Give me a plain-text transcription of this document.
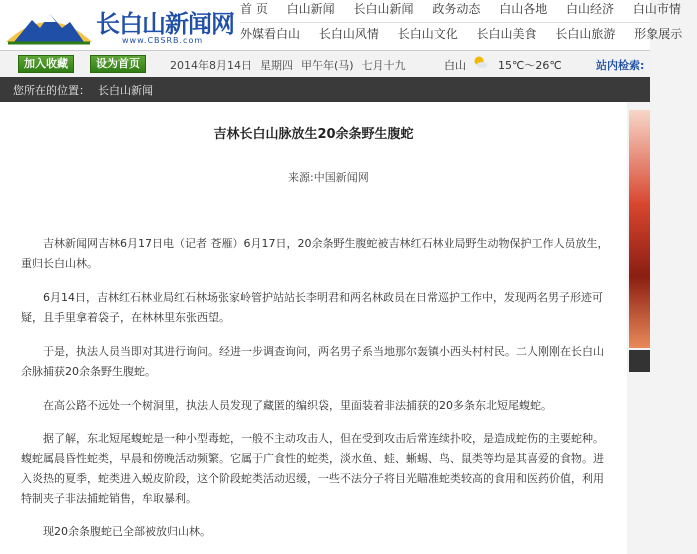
长白山新闻网
www.CBSRB.com
首 页 白山新闻 长白山新闻 政务动态 白山各地 白山经济 白山市情
外媒看白山 长白山风情 长白山文化 长白山美食 长白山旅游 形象展示
加入收藏	设为首页	2014年8月14日 星期四 甲午年(马) 七月十九	白山	15℃～26℃	站内检索:
您所在的位置： 长白山新闻
吉林长白山脉放生20余条野生腹蛇
来源:中国新闻网

吉林新闻网吉林6月17日电（记者 苍雁）6月17日，20余条野生腹蛇被吉林红石林业局野生动物保护工作人员放生，重归长白山林。

6月14日，吉林红石林业局红石林场张家岭管护站站长李明君和两名林政员在日常巡护工作中，发现两名男子形迹可疑，且手里拿着袋子，在林林里东张西望。

于是，执法人员当即对其进行询问。经进一步调查询问，两名男子系当地那尔轰镇小西头村村民。二人刚刚在长白山余脉捕获20余条野生腹蛇。

在高公路不远处一个树洞里，执法人员发现了藏匿的编织袋，里面装着非法捕获的20多条东北短尾蝮蛇。

据了解，东北短尾蝮蛇是一种小型毒蛇，一般不主动攻击人，但在受到攻击后常连续扑咬，是造成蛇伤的主要蛇种。蝮蛇属晨昏性蛇类，早晨和傍晚活动频繁。它属于广食性的蛇类，淡水鱼、蛙、蜥蜴、鸟、鼠类等均是其喜爱的食物。进入炎热的夏季，蛇类进入蜕皮阶段，这个阶段蛇类活动迟缓，一些不法分子将目光瞄准蛇类较高的食用和医药价值，利用特制夹子非法捕蛇销售，牟取暴利。

现20余条腹蛇已全部被放归山林。
